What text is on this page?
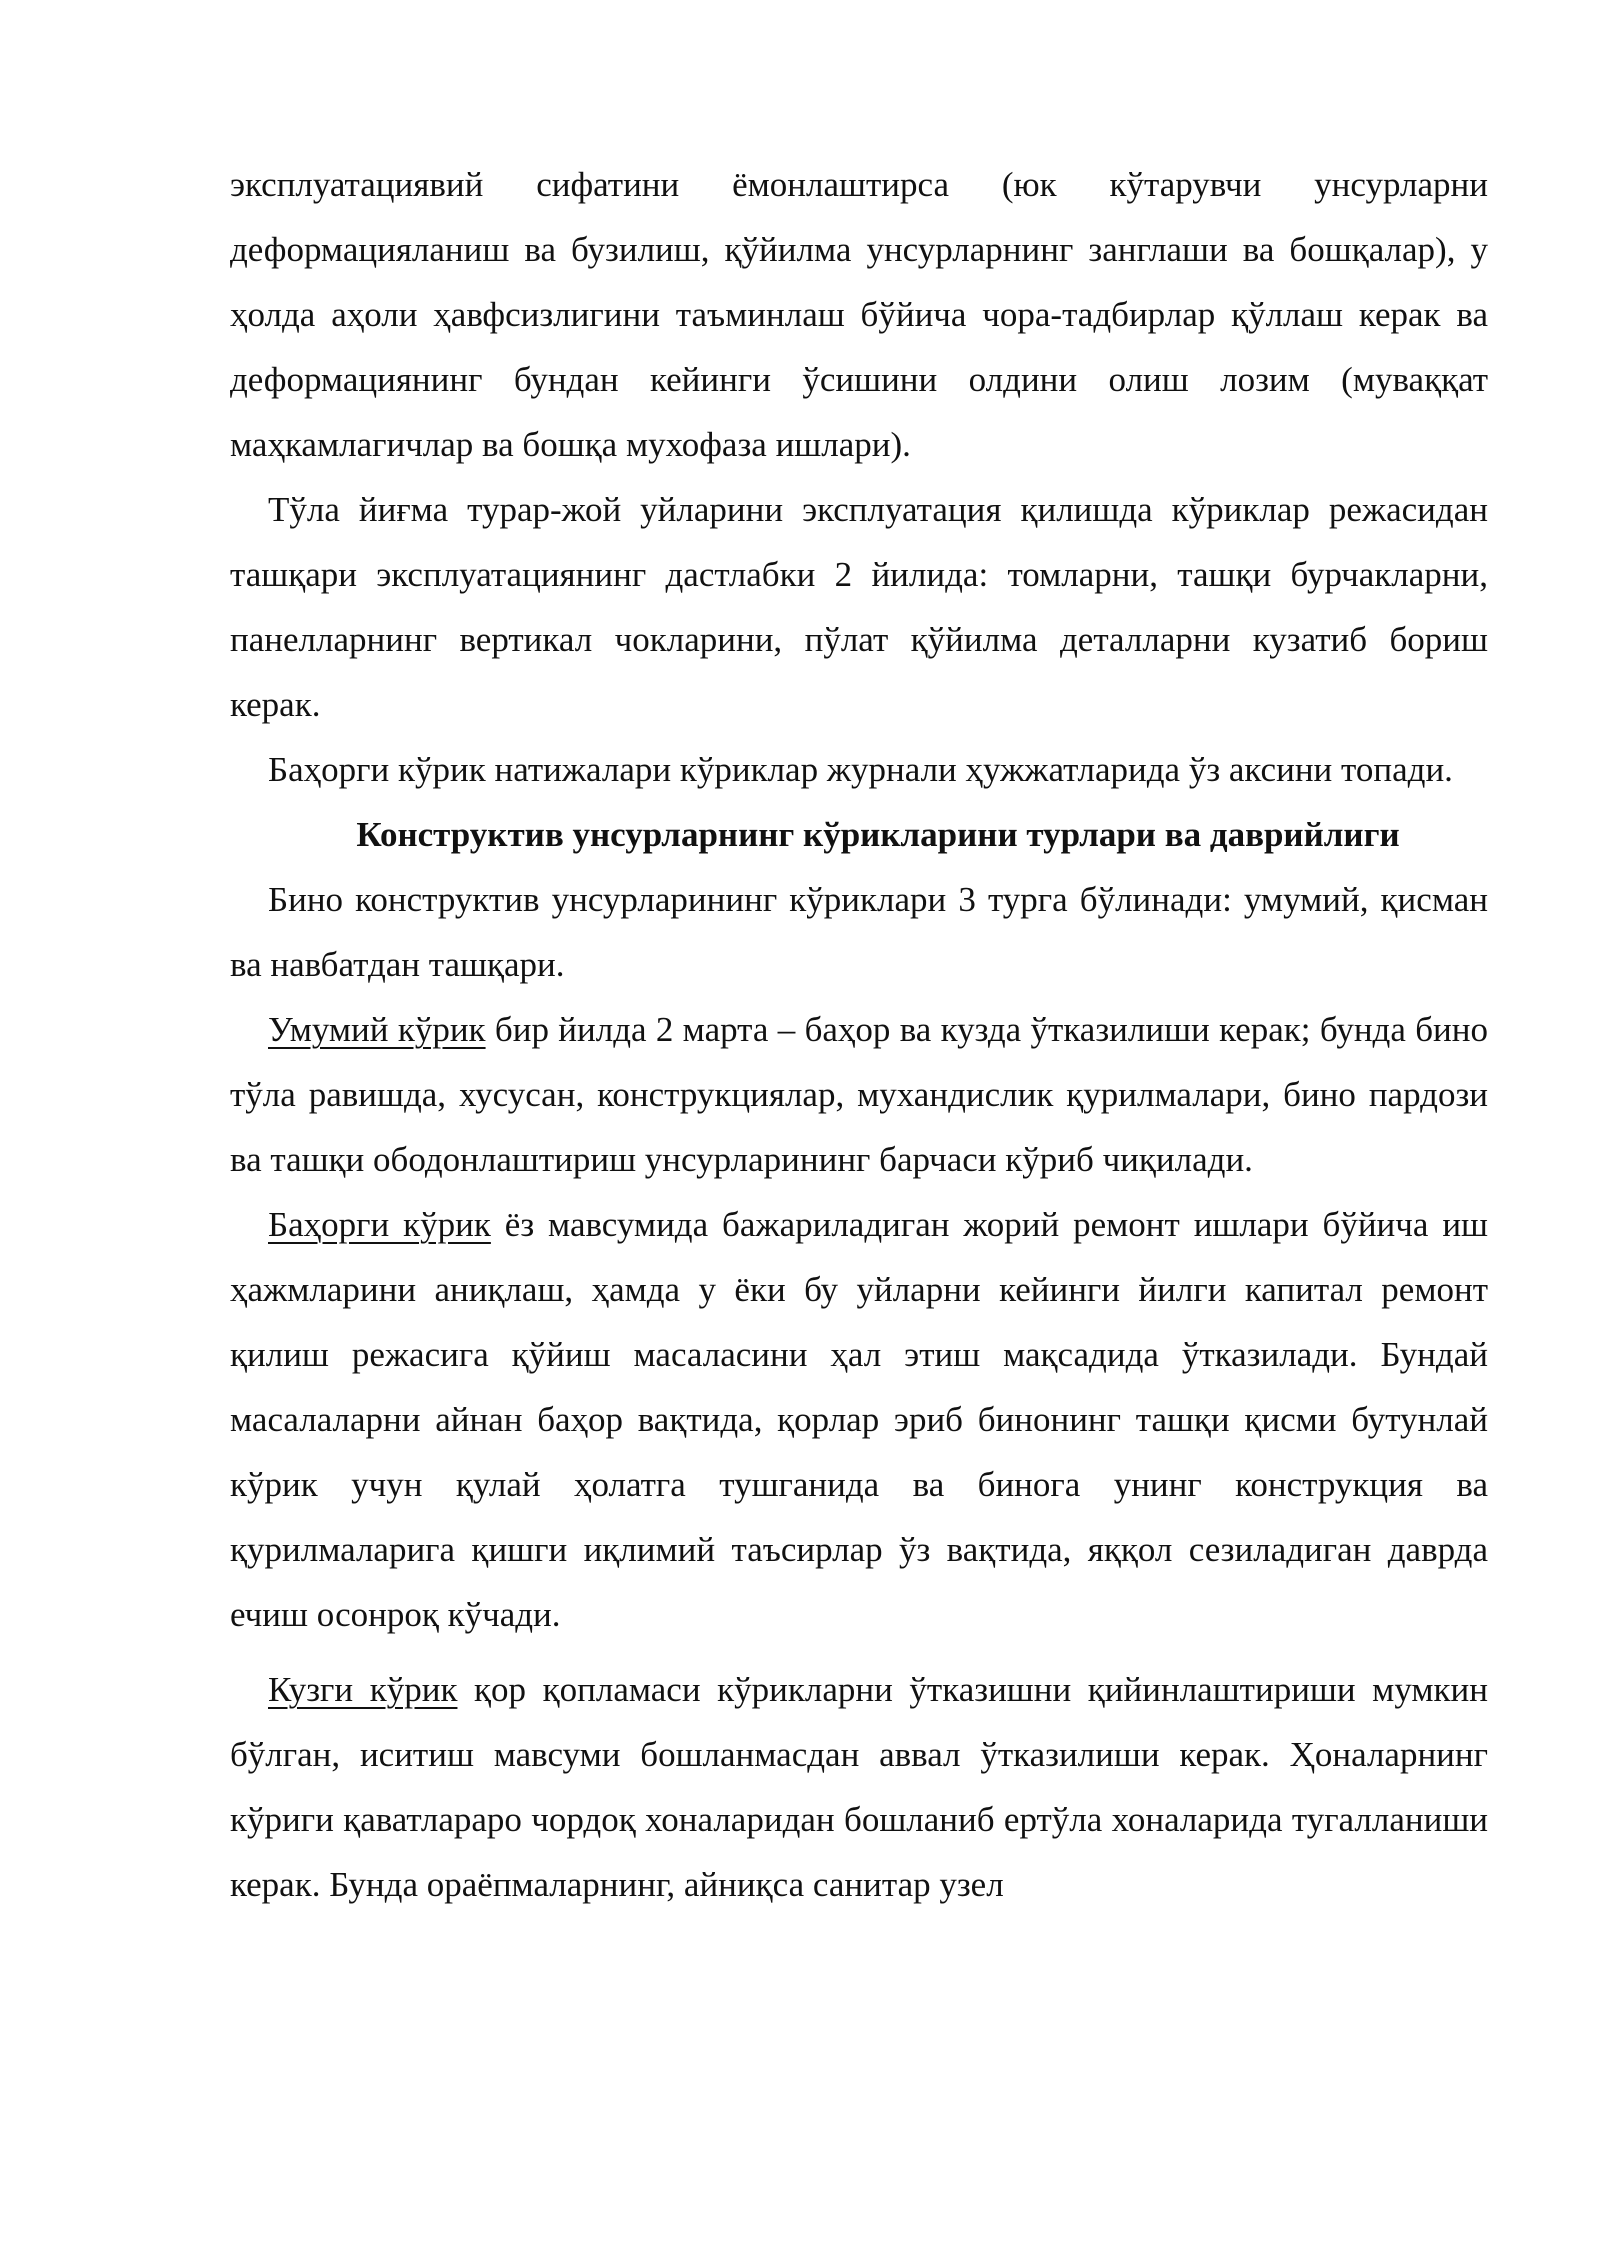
эксплуатациявий сифатини ёмонлаштирса (юк кўтарувчи унсурларни деформацияланиш ва бузилиш, қўйилма унсурларнинг занглаши ва бошқалар), у ҳолда аҳоли ҳавфсизлигини таъминлаш бўйича чора-тадбирлар қўллаш керак ва деформациянинг бундан кейинги ўсишини олдини олиш лозим (муваққат маҳкамлагичлар ва бошқа мухофаза ишлари).

Тўла йиғма турар-жой уйларини эксплуатация қилишда кўриклар режасидан ташқари эксплуатациянинг дастлабки 2 йилида: томларни, ташқи бурчакларни, панелларнинг вертикал чокларини, пўлат қўйилма деталларни кузатиб бориш керак.

Баҳорги кўрик натижалари кўриклар журнали ҳужжатларида ўз аксини топади.

Конструктив унсурларнинг кўрикларини турлари ва даврийлиги

Бино конструктив унсурларининг кўриклари 3 турга бўлинади: умумий, қисман ва навбатдан ташқари.

Умумий кўрик бир йилда 2 марта – баҳор ва кузда ўтказилиши керак; бунда бино тўла равишда, хусусан, конструкциялар, мухандислик қурилмалари, бино пардози ва ташқи ободонлаштириш унсурларининг барчаси кўриб чиқилади.

Баҳорги кўрик ёз мавсумида бажариладиган жорий ремонт ишлари бўйича иш ҳажмларини аниқлаш, ҳамда у ёки бу уйларни кейинги йилги капитал ремонт қилиш режасига қўйиш масаласини ҳал этиш мақсадида ўтказилади. Бундай масалаларни айнан баҳор вақтида, қорлар эриб бинонинг ташқи қисми бутунлай кўрик учун қулай ҳолатга тушганида ва бинога унинг конструкция ва қурилмаларига қишги иқлимий таъсирлар ўз вақтида, яққол сезиладиган даврда ечиш осонроқ кўчади.

Кузги кўрик қор қопламаси кўрикларни ўтказишни қийинлаштириши мумкин бўлган, иситиш мавсуми бошланмасдан аввал ўтказилиши керак. Ҳоналарнинг кўриги қаватлараро чордоқ хоналаридан бошланиб ертўла хоналарида тугалланиши керак. Бунда ораёпмаларнинг, айниқса санитар узел
